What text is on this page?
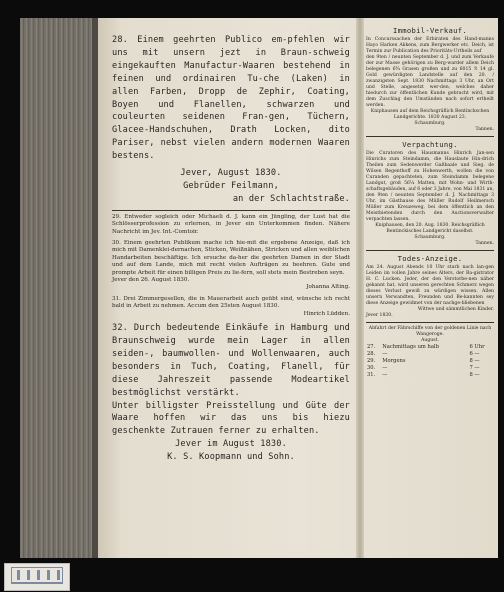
28. Einem geehrten Publico em-pfehlen wir uns mit unsern jezt in Braun-schweig eingekauften Manufactur-Waaren bestehend in feinen und ordinairen Tu-che (Laken) in allen Farben, Dropp de Zephir, Coating, Boyen und Flanellen, schwarzen und couleurten seidenen Fran-gen, Tüchern, Glacee-Handschuhen, Drath Locken, dito Pariser, nebst vielen andern modernen Waaren bestens.
Jever, August 1830.
Gebrüder Feilmann,
an der Schlachtstraße.
29. Entweder sogleich oder Michaeli d. J. kann ein Jüngling, der Lust hat die Schlösserprofession zu erlernen, in Jever ein Unterkommen finden. Nähere Nachricht im Jev. Int.-Comtoir.
30. Einem geehrten Publikum mache ich hie-mit die ergebene Anzeige, daß ich mich mit Damenklei-dernachen, Sticken, Weißnähen, Stricken und allen weiblichen Handarbeiten beschäftige. Ich ersuche da-her die geehrten Damen in der Stadt und auf dem Lande, mich mit recht vielen Aufträgen zu beehren. Gute und prompte Arbeit für einen billigen Preis zu lie-fern, soll stets mein Bestreben seyn.
Jever den 26. August 1830.
Johanna Alting.
31. Drei Zimmergesellen, die in Mauerarbeit auch geübt sind, wünsche ich recht bald in Arbeit zu nehmen. Accum den 25sten August 1830.
Hinrich Lüdden.
32. Durch bedeutende Einkäufe in Hamburg und Braunschweig wurde mein Lager in allen seiden-, baumwollen- und Wollenwaaren, auch besonders in Tuch, Coating, Flanell, für diese Jahreszeit passende Modeartikel bestmöglichst verstärkt.
Unter billigster Preisstellung und Güte der Waare hoffen wir das uns bis hiezu geschenkte Zutrauen ferner zu erhalten.
Jever im August 1830.
K. S. Koopmann und Sohn.
Immobil-Verkauf.
In Concurssachen der Erbiraten des Hand-manns Hayo Harken Akkens, zum Bergwerker etc. Deich, ist Termin zur Publication des Prioritäts-Urtheils auf
den 9ten / neunten September d. J. und zum Verkaufe der zur Masse gehörigen zu Berg-warder allem Deich belegenen 6¾ Grasen großen und zu 6015 ℛ 14 gl. Gold gewürdigten Landstelle auf den 20. / zwanzigsten Sept. 1830 Nachmittags 3 Uhr, an Ort und Stelle, angesetzt wer-den, welches daher hiedurch zur öffentlichen Kunde gebracht wird, mit dem Zuschlag den Umständen nach sofort ertheilt werden.
Kniphausen auf dem Reichsgräflich Bentinckschen Landgerichte. 1830 August 23.
Schaumburg.
Tannen.
Verpachtung.
Die Curatoren des Hausmanns Hinrich Jan-sen Hinrichs zum Steindamm, die Hauslaute Hin-drich Theilen zum Sedenwerder Gaßbaale und Sieg. de Wilsen Regenthoff zu Hohenwerth, wollen die von Curanden gepachteten, zum Steindamm belegene Landgut, groß 56¼ Matten, mit Wohn- und Wirth-schaftsgebäuden, auf 6 oder 3 Jahre, von Mai 1831 an,
den 9ten / neunten September d. J. Nachmittags 3 Uhr, im Gästhause des Müller Rudolf Heilmersch Müller zum Kreuzeweg, bei dem öffentlich an den Meistbietenden durch den Auctionsverwalter verpachten lassen.
Kniphausen, den 20. Aug. 1830. Reichsgräflich Bentinckisches Landgericht daselbst.
Schaumburg.
Tannen.
Todes-Anzeige.
Am 24. August Abends 10 Uhr starb nach lan-gen Leiden im vollen Jahre seines Alters, der Ba-gistrator H. C. Lucken. Jeder, der den Verstorbe-nen näher gekannt hat, wird unseren gerechten Schmerz wegen dieses Verlust gewiß zu würdigen wissen. Allen unsern Verwandten, Freunden und Be-kannten sey diese Anzeige gewidmet von der nachge-bliebenen
Wittwe und sämmtlichen Kinder.
Jever 1830.
Abfahrt der Fährschiffe von der goldenen Linie nach Wangeroge.
August.
27.	Nachmittags um halb	6 Uhr
28.	—	6 —
29.	Morgens	8 —
30.	—	7 —
31.	—	8 —
